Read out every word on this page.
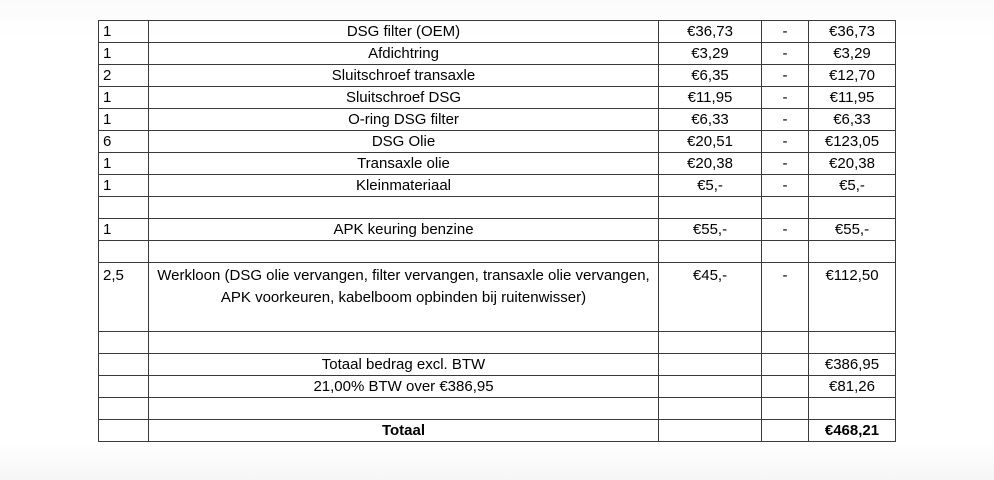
1	DSG filter (OEM)	€36,73	-	€36,73
1	Afdichtring	€3,29	-	€3,29
2	Sluitschroef transaxle	€6,35	-	€12,70
1	Sluitschroef DSG	€11,95	-	€11,95
1	O-ring DSG filter	€6,33	-	€6,33
6	DSG Olie	€20,51	-	€123,05
1	Transaxle olie	€20,38	-	€20,38
1	Kleinmateriaal	€5,-	-	€5,-

1	APK keuring benzine	€55,-	-	€55,-

2,5	Werkloon (DSG olie vervangen, filter vervangen, transaxle olie vervangen, APK voorkeuren, kabelboom opbinden bij ruitenwisser)	€45,-	-	€112,50

	Totaal bedrag excl. BTW			€386,95
	21,00% BTW over €386,95			€81,26

	Totaal			€468,21
